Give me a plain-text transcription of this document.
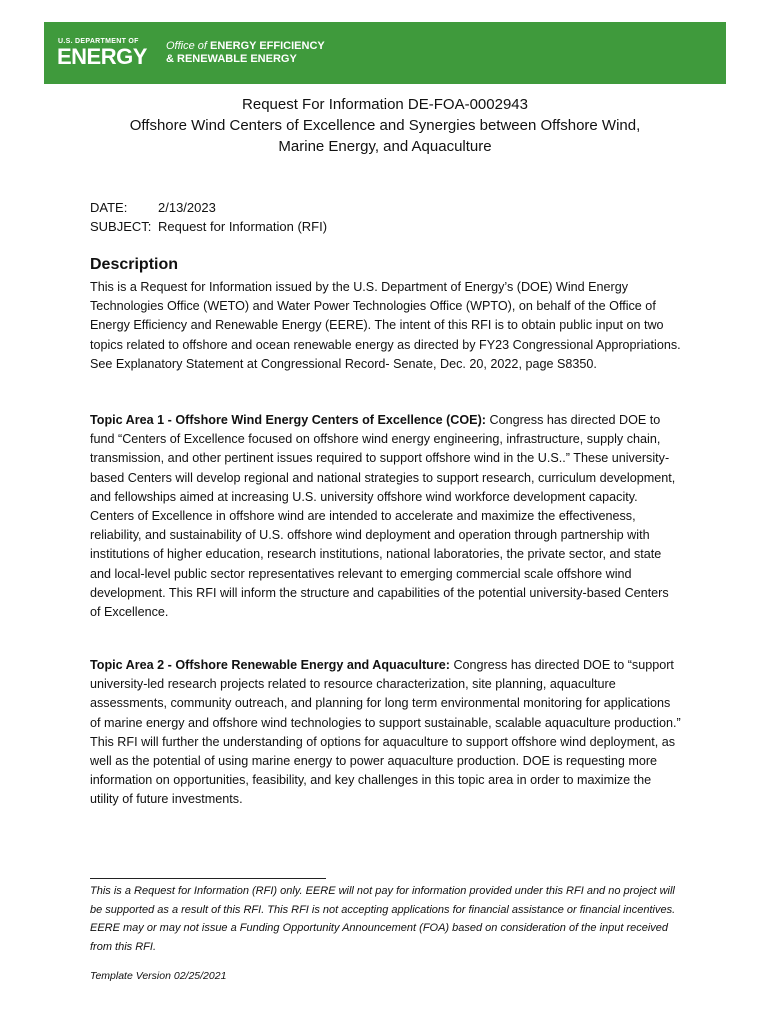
U.S. DEPARTMENT OF
ENERGY Office of ENERGY EFFICIENCY
& RENEWABLE ENERGY
Request For Information DE-FOA-0002943
Offshore Wind Centers of Excellence and Synergies between Offshore Wind,
Marine Energy, and Aquaculture
DATE: 2/13/2023
SUBJECT: Request for Information (RFI)
Description
This is a Request for Information issued by the U.S. Department of Energy’s (DOE) Wind Energy Technologies Office (WETO) and Water Power Technologies Office (WPTO), on behalf of the Office of Energy Efficiency and Renewable Energy (EERE). The intent of this RFI is to obtain public input on two topics related to offshore and ocean renewable energy as directed by FY23 Congressional Appropriations. See Explanatory Statement at Congressional Record- Senate, Dec. 20, 2022, page S8350.
Topic Area 1 - Offshore Wind Energy Centers of Excellence (COE): Congress has directed DOE to fund “Centers of Excellence focused on offshore wind energy engineering, infrastructure, supply chain, transmission, and other pertinent issues required to support offshore wind in the U.S..” These university-based Centers will develop regional and national strategies to support research, curriculum development, and fellowships aimed at increasing U.S. university offshore wind workforce development capacity. Centers of Excellence in offshore wind are intended to accelerate and maximize the effectiveness, reliability, and sustainability of U.S. offshore wind deployment and operation through partnership with institutions of higher education, research institutions, national laboratories, the private sector, and state and local-level public sector representatives relevant to emerging commercial scale offshore wind development. This RFI will inform the structure and capabilities of the potential university-based Centers of Excellence.
Topic Area 2 - Offshore Renewable Energy and Aquaculture: Congress has directed DOE to “support university-led research projects related to resource characterization, site planning, aquaculture assessments, community outreach, and planning for long term environmental monitoring for applications of marine energy and offshore wind technologies to support sustainable, scalable aquaculture production.” This RFI will further the understanding of options for aquaculture to support offshore wind deployment, as well as the potential of using marine energy to power aquaculture production. DOE is requesting more information on opportunities, feasibility, and key challenges in this topic area in order to maximize the utility of future investments.
This is a Request for Information (RFI) only. EERE will not pay for information provided under this RFI and no project will be supported as a result of this RFI. This RFI is not accepting applications for financial assistance or financial incentives. EERE may or may not issue a Funding Opportunity Announcement (FOA) based on consideration of the input received from this RFI.
Template Version 02/25/2021
